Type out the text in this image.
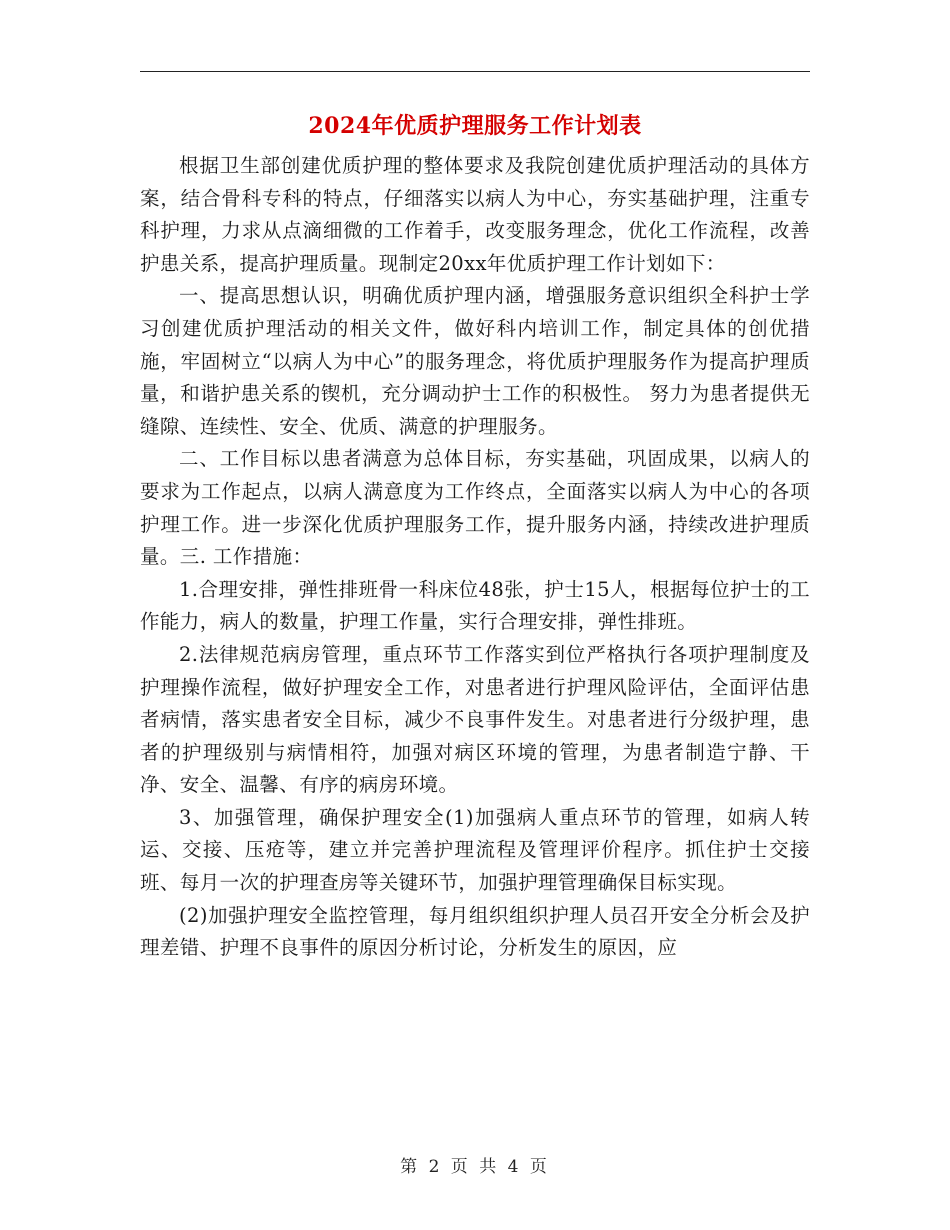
2024年优质护理服务工作计划表

根据卫生部创建优质护理的整体要求及我院创建优质护理活动的具体方案，结合骨科专科的特点，仔细落实以病人为中心，夯实基础护理，注重专科护理，力求从点滴细微的工作着手，改变服务理念，优化工作流程，改善护患关系，提高护理质量。现制定20xx年优质护理工作计划如下：

一、提高思想认识，明确优质护理内涵，增强服务意识组织全科护士学习创建优质护理活动的相关文件，做好科内培训工作，制定具体的创优措施，牢固树立“以病人为中心”的服务理念，将优质护理服务作为提高护理质量，和谐护患关系的锲机，充分调动护士工作的积极性。 努力为患者提供无缝隙、连续性、安全、优质、满意的护理服务。

二、工作目标以患者满意为总体目标，夯实基础，巩固成果，以病人的要求为工作起点，以病人满意度为工作终点，全面落实以病人为中心的各项护理工作。进一步深化优质护理服务工作，提升服务内涵，持续改进护理质量。三. 工作措施：

1.合理安排，弹性排班骨一科床位48张，护士15人，根据每位护士的工作能力，病人的数量，护理工作量，实行合理安排，弹性排班。

2.法律规范病房管理，重点环节工作落实到位严格执行各项护理制度及护理操作流程，做好护理安全工作，对患者进行护理风险评估，全面评估患者病情，落实患者安全目标，减少不良事件发生。对患者进行分级护理，患者的护理级别与病情相符，加强对病区环境的管理，为患者制造宁静、干净、安全、温馨、有序的病房环境。

3、加强管理，确保护理安全(1)加强病人重点环节的管理，如病人转运、交接、压疮等，建立并完善护理流程及管理评价程序。抓住护士交接班、每月一次的护理查房等关键环节，加强护理管理确保目标实现。

(2)加强护理安全监控管理，每月组织组织护理人员召开安全分析会及护理差错、护理不良事件的原因分析讨论，分析发生的原因，应

第 2 页 共 4 页
